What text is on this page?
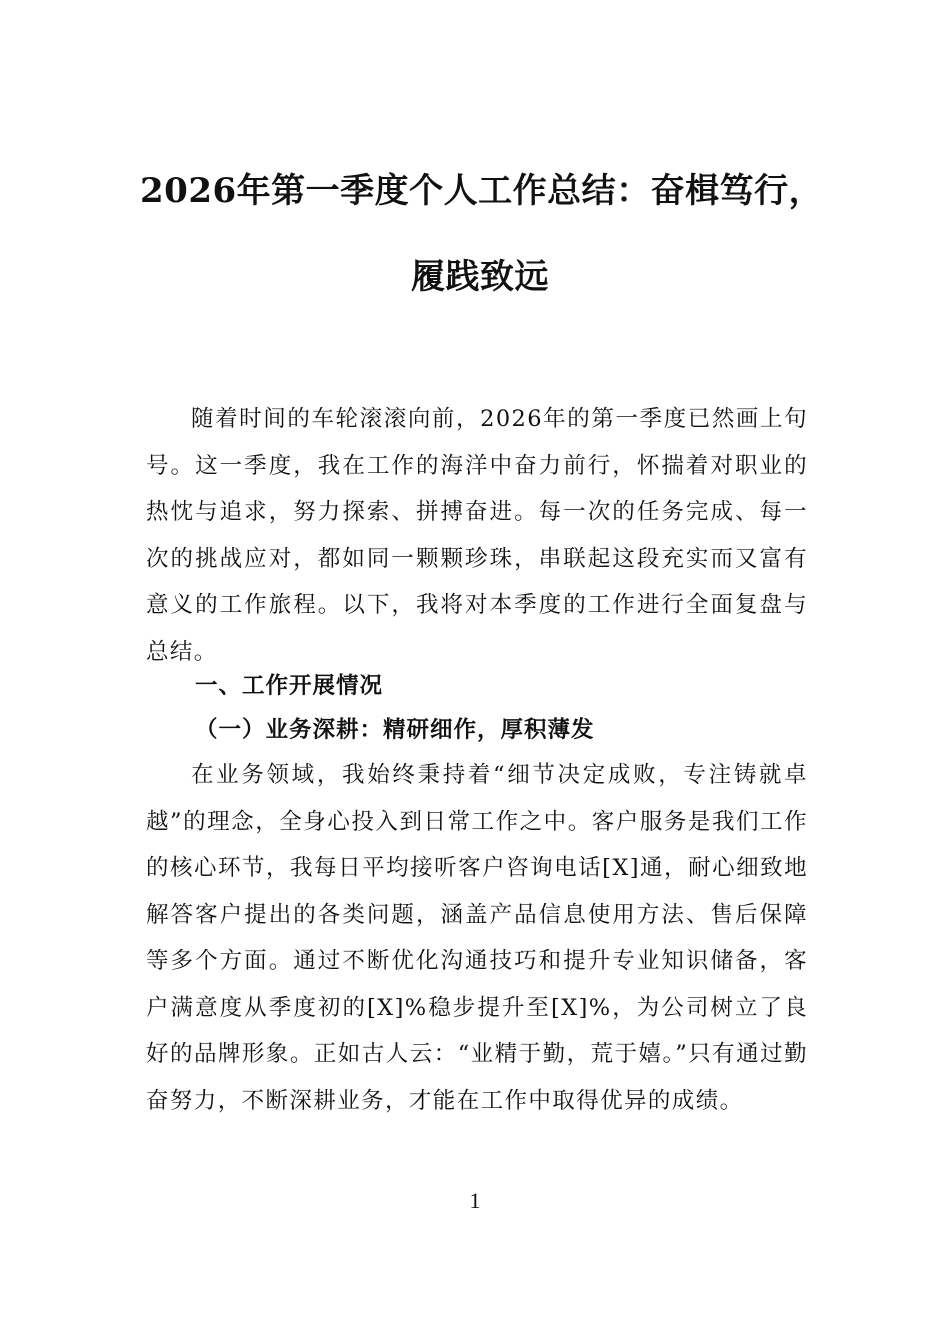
2026年第一季度个人工作总结：奋楫笃行，
履践致远

随着时间的车轮滚滚向前，2026年的第一季度已然画上句号。这一季度，我在工作的海洋中奋力前行，怀揣着对职业的热忱与追求，努力探索、拼搏奋进。每一次的任务完成、每一次的挑战应对，都如同一颗颗珍珠，串联起这段充实而又富有意义的工作旅程。以下，我将对本季度的工作进行全面复盘与总结。

一、工作开展情况
（一）业务深耕：精研细作，厚积薄发

在业务领域，我始终秉持着“细节决定成败，专注铸就卓越”的理念，全身心投入到日常工作之中。客户服务是我们工作的核心环节，我每日平均接听客户咨询电话[X]通，耐心细致地解答客户提出的各类问题，涵盖产品信息使用方法、售后保障等多个方面。通过不断优化沟通技巧和提升专业知识储备，客户满意度从季度初的[X]%稳步提升至[X]%，为公司树立了良好的品牌形象。正如古人云：“业精于勤，荒于嬉。”只有通过勤奋努力，不断深耕业务，才能在工作中取得优异的成绩。

1
